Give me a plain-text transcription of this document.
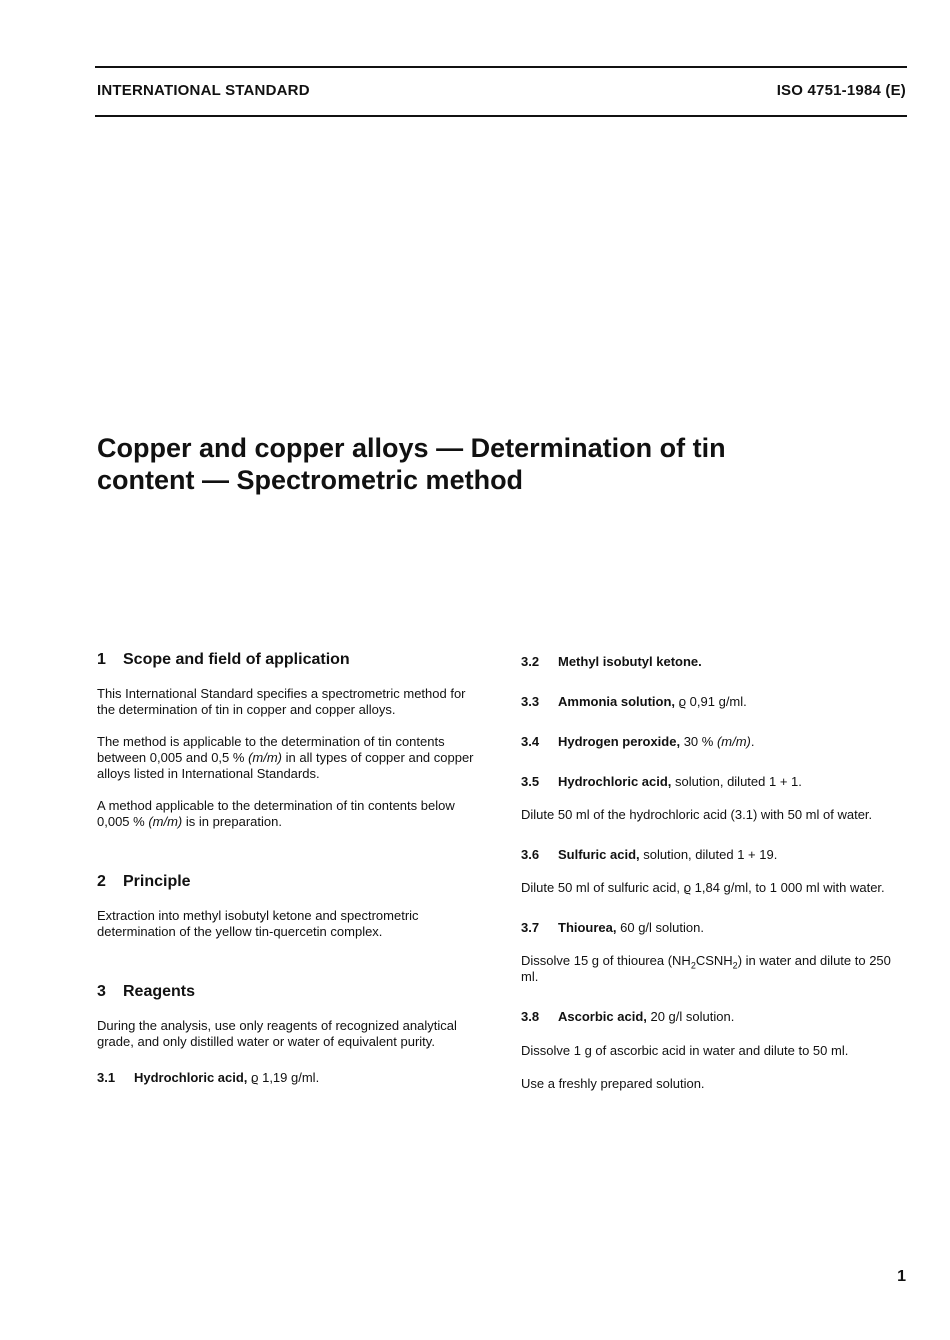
INTERNATIONAL STANDARD	ISO 4751-1984 (E)
Copper and copper alloys — Determination of tin
content — Spectrometric method
1 Scope and field of application

This International Standard specifies a spectrometric method for the determination of tin in copper and copper alloys.

The method is applicable to the determination of tin contents between 0,005 and 0,5 % (m/m) in all types of copper and copper alloys listed in International Standards.

A method applicable to the determination of tin contents below 0,005 % (m/m) is in preparation.

2 Principle

Extraction into methyl isobutyl ketone and spectrometric determination of the yellow tin-quercetin complex.

3 Reagents

During the analysis, use only reagents of recognized analytical grade, and only distilled water or water of equivalent purity.

3.1 Hydrochloric acid, ϱ 1,19 g/ml.

3.2 Methyl isobutyl ketone.

3.3 Ammonia solution, ϱ 0,91 g/ml.

3.4 Hydrogen peroxide, 30 % (m/m).

3.5 Hydrochloric acid, solution, diluted 1 + 1.

Dilute 50 ml of the hydrochloric acid (3.1) with 50 ml of water.

3.6 Sulfuric acid, solution, diluted 1 + 19.

Dilute 50 ml of sulfuric acid, ϱ 1,84 g/ml, to 1 000 ml with water.

3.7 Thiourea, 60 g/l solution.

Dissolve 15 g of thiourea $(NH_2CSNH_2)$ in water and dilute to 250 ml.

3.8 Ascorbic acid, 20 g/l solution.

Dissolve 1 g of ascorbic acid in water and dilute to 50 ml.

Use a freshly prepared solution.

1
